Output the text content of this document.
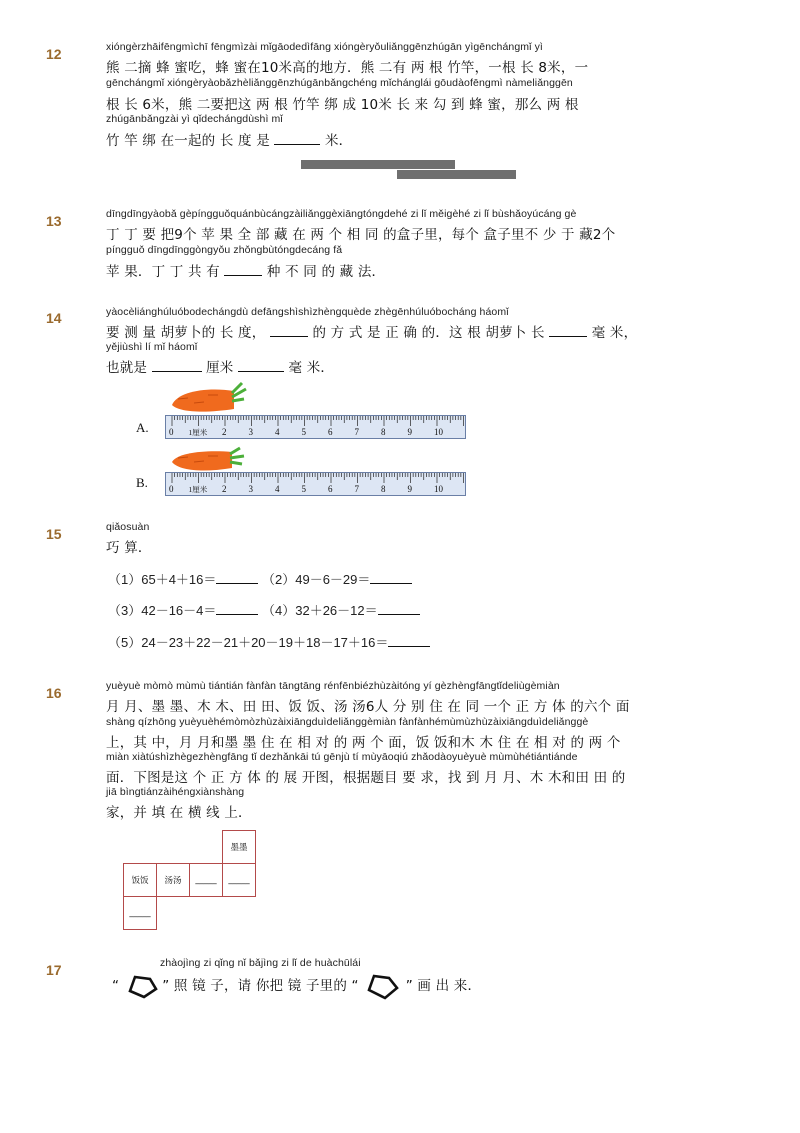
12	xióngèrzhāifēngmìchī fēngmìzài mǐgāodedìfāng xióngèryǒuliǎnggēnzhúgān yìgēnchángmǐ yì
熊 二摘 蜂 蜜吃，蜂 蜜在10米高的地方．熊 二有 两 根 竹竿，一根 长 8米，一
gēnchángmǐ xióngèryàobǎzhèliǎnggēnzhúgānbǎngchéng mǐchánglái gōudàofēngmì nàmeliǎnggēn
根 长 6米，熊 二要把这 两 根 竹竿 绑 成 10米 长 来 勾 到 蜂 蜜，那么 两 根
zhúgānbǎngzài yì qǐdechángdùshì mǐ
竹 竿 绑 在一起的 长 度 是	米．
13	dīngdīngyàobǎ gèpíngguǒquánbùcángzàiliǎnggèxiāngtóngdehé zi lǐ měigèhé zi lǐ bùshǎoyúcáng gè
丁 丁 要 把9个 苹 果 全 部 藏 在 两 个 相 同 的盒子里，每个 盒子里不 少 于 藏2个
píngguǒ dīngdīnggòngyǒu zhǒngbùtóngdecáng fǎ
苹 果．丁 丁 共 有	种 不 同 的 藏 法．
14	yàocèliánghúluóbodechángdù defāngshìshìzhèngquède zhègēnhúluóbocháng háomǐ
要 测 量 胡萝卜的 长 度，	的 方 式 是 正 确 的．这 根 胡萝卜 长	毫 米，
yějiùshì lí mǐ háomǐ
也就是	厘米	毫 米．
A. 0 1厘米 2 3 4 5 6 7 8 9 10
B. 0 1厘米 2 3 4 5 6 7 8 9 10
15	qiǎosuàn
巧 算．
（1）65＋4＋16＝	（2）49－6－29＝
（3）42－16－4＝	（4）32＋26－12＝
（5）24－23＋22－21＋20－19＋18－17＋16＝
16	yuèyuè mòmò mùmù tiántián fànfàn tāngtāng rénfēnbiézhùzàitóng yí gèzhèngfāngtǐdeliùgèmiàn
月 月、墨 墨、木 木、田 田、饭 饭、汤 汤6人 分 别 住 在 同 一个 正 方 体 的六个 面
shàng qízhōng yuèyuèhémòmòzhùzàixiāngduìdeliǎnggèmiàn fànfànhémùmùzhùzàixiāngduìdeliǎnggè
上，其 中，月 月和墨 墨 住 在 相 对 的 两 个 面，饭 饭和木 木 住 在 相 对 的 两 个
miàn xiàtúshìzhègezhèngfāng tǐ dezhǎnkāi tú gēnjù tí mùyāoqiú zhǎodàoyuèyuè mùmùhétiántiánde
面．下图是这 个 正 方 体 的 展 开图，根据题目 要 求，找 到 月 月、木 木和田 田 的
jiā bìngtiánzàihéngxiànshàng
家，并 填 在 横 线 上．
			墨墨
饭饭	汤汤	_____	_____
_____			
17	zhàojìng zi qǐng nǐ bǎjìng zi lǐ de huàchūlái
“	” 照 镜 子，请 你把 镜 子里的 “	” 画 出 来．
